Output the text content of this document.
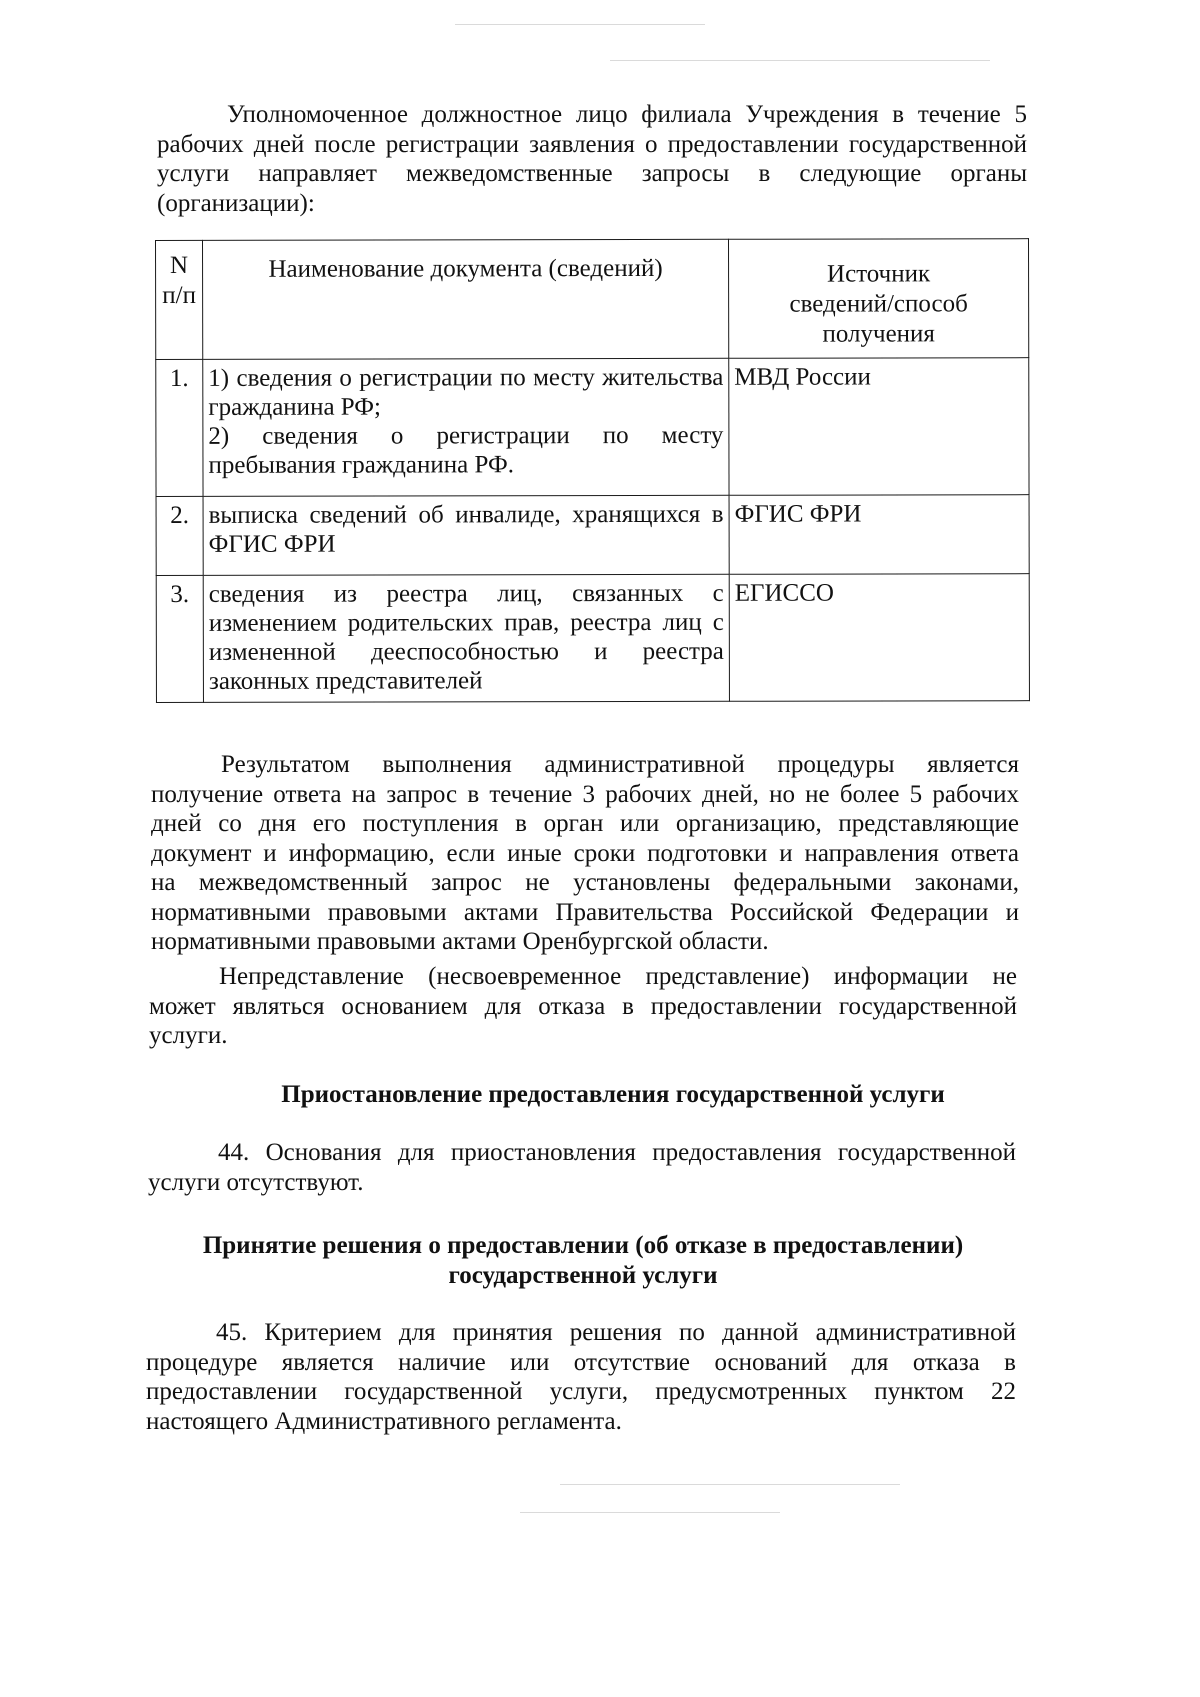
Уполномоченное должностное лицо филиала Учреждения в течение 5
рабочих дней после регистрации заявления о предоставлении государственной
услуги направляет межведомственные запросы в следующие органы
(организации):
N
п/п	Наименование документа (сведений)	Источник
сведений/способ
получения
1.	1) сведения о регистрации по месту жительства
гражданина РФ;
2) сведения о регистрации по месту
пребывания гражданина РФ.	МВД России
2.	выписка сведений об инвалиде, хранящихся в
ФГИС ФРИ	ФГИС ФРИ
3.	сведения из реестра лиц, связанных с
изменением родительских прав, реестра лиц с
измененной дееспособностью и реестра
законных представителей	ЕГИССО
Результатом выполнения административной процедуры является
получение ответа на запрос в течение 3 рабочих дней, но не более 5 рабочих
дней со дня его поступления в орган или организацию, представляющие
документ и информацию, если иные сроки подготовки и направления ответа
на межведомственный запрос не установлены федеральными законами,
нормативными правовыми актами Правительства Российской Федерации и
нормативными правовыми актами Оренбургской области.
Непредставление (несвоевременное представление) информации не
может являться основанием для отказа в предоставлении государственной
услуги.
Приостановление предоставления государственной услуги
44. Основания для приостановления предоставления государственной
услуги отсутствуют.
Принятие решения о предоставлении (об отказе в предоставлении)
государственной услуги
45. Критерием для принятия решения по данной административной
процедуре является наличие или отсутствие оснований для отказа в
предоставлении государственной услуги, предусмотренных пунктом 22
настоящего Административного регламента.
